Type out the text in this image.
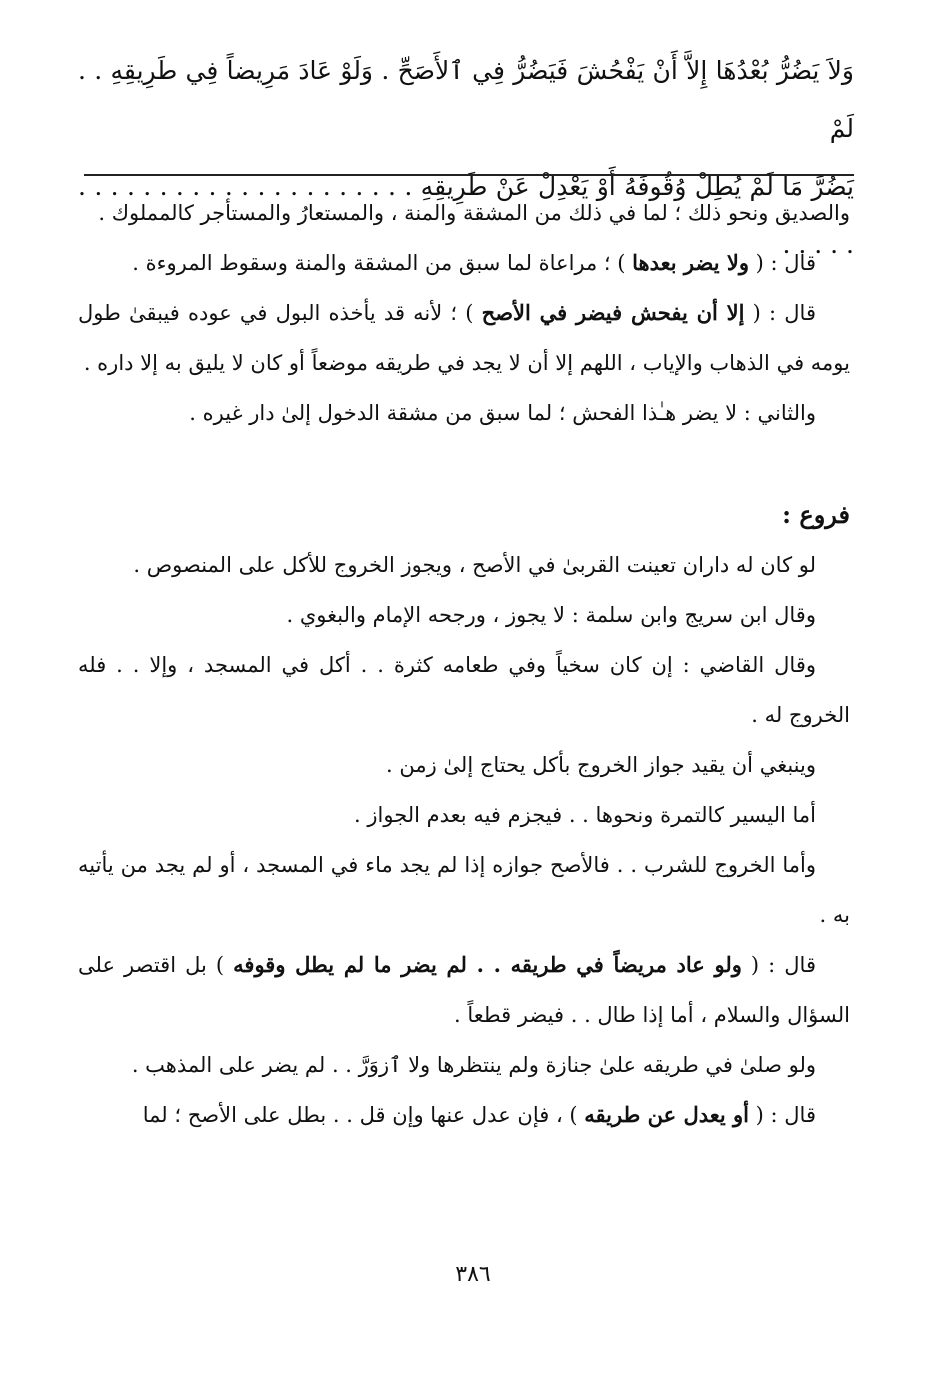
وَلاَ يَضُرُّ بُعْدُهَا إِلاَّ أَنْ يَفْحُشَ فَيَضُرُّ فِي ٱلأَصَحِّ . وَلَوْ عَادَ مَرِيضاً فِي طَرِيقِهِ . . لَمْ
يَضُرَّ مَا لَمْ يُطِلْ وُقُوفَهُ أَوْ يَعْدِلْ عَنْ طَرِيقِهِ . . . . . . . . . . . . . . . . . . . . . . . . . .

والصديق ونحو ذلك ؛ لما في ذلك من المشقة والمنة ، والمستعارُ والمستأجر كالمملوك .

قال : ( ولا يضر بعدها ) ؛ مراعاة لما سبق من المشقة والمنة وسقوط المروءة .

قال : ( إلا أن يفحش فيضر في الأصح ) ؛ لأنه قد يأخذه البول في عوده فيبقىٰ طول يومه في الذهاب والإياب ، اللهم إلا أن لا يجد في طريقه موضعاً أو كان لا يليق به إلا داره .

والثاني : لا يضر هـٰذا الفحش ؛ لما سبق من مشقة الدخول إلىٰ دار غيره .

فروع :

لو كان له داران تعينت القربىٰ في الأصح ، ويجوز الخروج للأكل على المنصوص .

وقال ابن سريج وابن سلمة : لا يجوز ، ورجحه الإمام والبغوي .

وقال القاضي : إن كان سخياً وفي طعامه كثرة . . أكل في المسجد ، وإلا . . فله الخروج له .

وينبغي أن يقيد جواز الخروج بأكل يحتاج إلىٰ زمن .

أما اليسير كالتمرة ونحوها . . فيجزم فيه بعدم الجواز .

وأما الخروج للشرب . . فالأصح جوازه إذا لم يجد ماء في المسجد ، أو لم يجد من يأتيه به .

قال : ( ولو عاد مريضاً في طريقه . . لم يضر ما لم يطل وقوفه ) بل اقتصر على السؤال والسلام ، أما إذا طال . . فيضر قطعاً .

ولو صلىٰ في طريقه علىٰ جنازة ولم ينتظرها ولا ٱزوَرَّ . . لم يضر على المذهب .

قال : ( أو يعدل عن طريقه ) ، فإن عدل عنها وإن قل . . بطل على الأصح ؛ لما

٣٨٦
